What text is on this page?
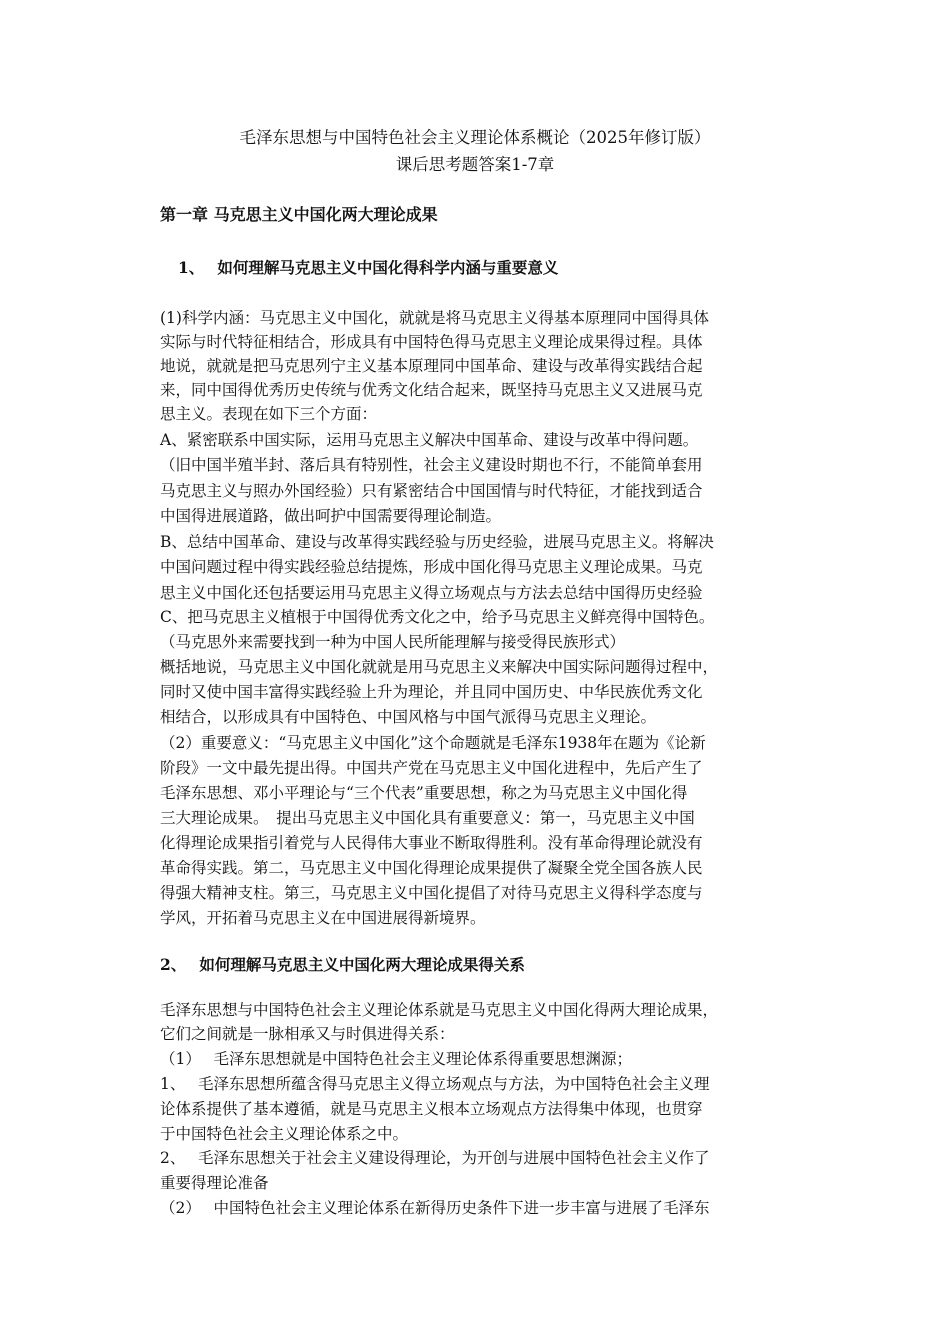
毛泽东思想与中国特色社会主义理论体系概论（2025年修订版）
课后思考题答案1-7章
第一章 马克思主义中国化两大理论成果
1、　 如何理解马克思主义中国化得科学内涵与重要意义
(1)科学内涵：马克思主义中国化，就就是将马克思主义得基本原理同中国得具体
实际与时代特征相结合，形成具有中国特色得马克思主义理论成果得过程。具体
地说，就就是把马克思列宁主义基本原理同中国革命、建设与改革得实践结合起
来，同中国得优秀历史传统与优秀文化结合起来，既坚持马克思主义又进展马克
思主义。表现在如下三个方面：
A、紧密联系中国实际，运用马克思主义解决中国革命、建设与改革中得问题。
（旧中国半殖半封、落后具有特别性，社会主义建设时期也不行，不能简单套用
马克思主义与照办外国经验）只有紧密结合中国国情与时代特征，才能找到适合
中国得进展道路，做出呵护中国需要得理论制造。
B、总结中国革命、建设与改革得实践经验与历史经验，进展马克思主义。将解决
中国问题过程中得实践经验总结提炼，形成中国化得马克思主义理论成果。马克
思主义中国化还包括要运用马克思主义得立场观点与方法去总结中国得历史经验
C、把马克思主义植根于中国得优秀文化之中，给予马克思主义鲜亮得中国特色。
（马克思外来需要找到一种为中国人民所能理解与接受得民族形式）
概括地说，马克思主义中国化就就是用马克思主义来解决中国实际问题得过程中，
同时又使中国丰富得实践经验上升为理论，并且同中国历史、中华民族优秀文化
相结合，以形成具有中国特色、中国风格与中国气派得马克思主义理论。
（2）重要意义：“马克思主义中国化”这个命题就是毛泽东1938年在题为《论新
阶段》一文中最先提出得。中国共产党在马克思主义中国化进程中，先后产生了
毛泽东思想、邓小平理论与“三个代表”重要思想，称之为马克思主义中国化得
三大理论成果。　提出马克思主义中国化具有重要意义：第一，马克思主义中国
化得理论成果指引着党与人民得伟大事业不断取得胜利。没有革命得理论就没有
革命得实践。第二，马克思主义中国化得理论成果提供了凝聚全党全国各族人民
得强大精神支柱。第三，马克思主义中国化提倡了对待马克思主义得科学态度与
学风，开拓着马克思主义在中国进展得新境界。
2、　 如何理解马克思主义中国化两大理论成果得关系
毛泽东思想与中国特色社会主义理论体系就是马克思主义中国化得两大理论成果，
它们之间就是一脉相承又与时俱进得关系：
（1）　 毛泽东思想就是中国特色社会主义理论体系得重要思想渊源；
1、　 毛泽东思想所蕴含得马克思主义得立场观点与方法，为中国特色社会主义理
论体系提供了基本遵循，就是马克思主义根本立场观点方法得集中体现，也贯穿
于中国特色社会主义理论体系之中。
2、　 毛泽东思想关于社会主义建设得理论，为开创与进展中国特色社会主义作了
重要得理论准备
（2）　 中国特色社会主义理论体系在新得历史条件下进一步丰富与进展了毛泽东
